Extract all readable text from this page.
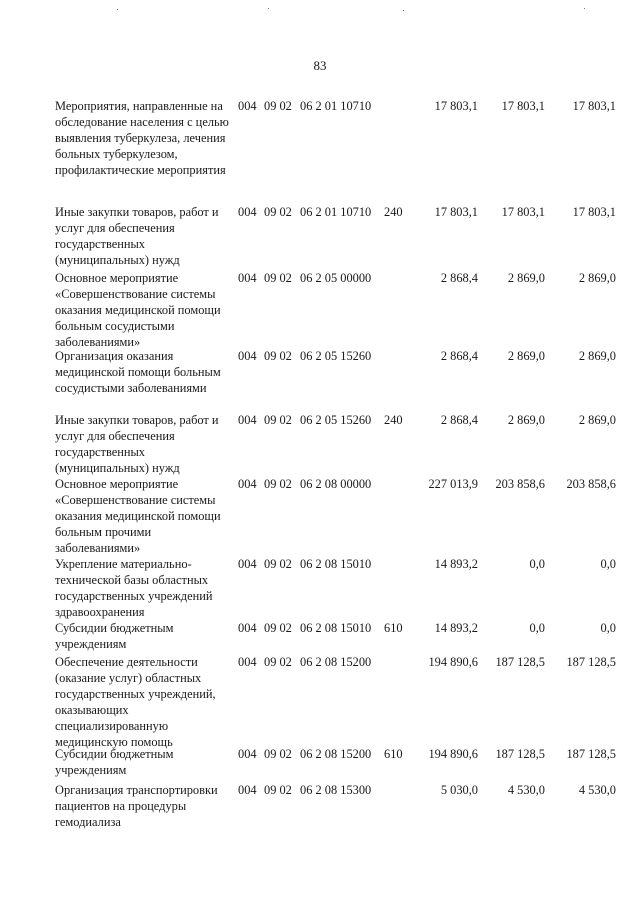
83
Мероприятия, направленные на обследование населения с целью выявления туберкулеза, лечения больных туберкулезом, профилактические мероприятия
004 09 02 06 2 01 10710	17 803,1 17 803,1 17 803,1
Иные закупки товаров, работ и услуг для обеспечения государственных (муниципальных) нужд
004 09 02 06 2 01 10710 240	17 803,1 17 803,1 17 803,1
Основное мероприятие «Совершенствование системы оказания медицинской помощи больным сосудистыми заболеваниями»
004 09 02 06 2 05 00000	2 868,4 2 869,0	2 869,0
Организация оказания медицинской помощи больным сосудистыми заболеваниями
004 09 02 06 2 05 15260	2 868,4 2 869,0	2 869,0
Иные закупки товаров, работ и услуг для обеспечения государственных (муниципальных) нужд
004 09 02 06 2 05 15260 240	2 868,4 2 869,0	2 869,0
Основное мероприятие «Совершенствование системы оказания медицинской помощи больным прочими заболеваниями»
004 09 02 06 2 08 00000	227 013,9 203 858,6 203 858,6
Укрепление материально-технической базы областных государственных учреждений здравоохранения
004 09 02 06 2 08 15010	14 893,2	0,0	0,0
Субсидии бюджетным учреждениям
004 09 02 06 2 08 15010 610	14 893,2	0,0	0,0
Обеспечение деятельности (оказание услуг) областных государственных учреждений, оказывающих специализированную медицинскую помощь
004 09 02 06 2 08 15200	194 890,6 187 128,5 187 128,5
Субсидии бюджетным учреждениям
004 09 02 06 2 08 15200 610 194 890,6 187 128,5 187 128,5
Организация транспортировки пациентов на процедуры гемодиализа
004 09 02 06 2 08 15300	5 030,0 4 530,0	4 530,0
